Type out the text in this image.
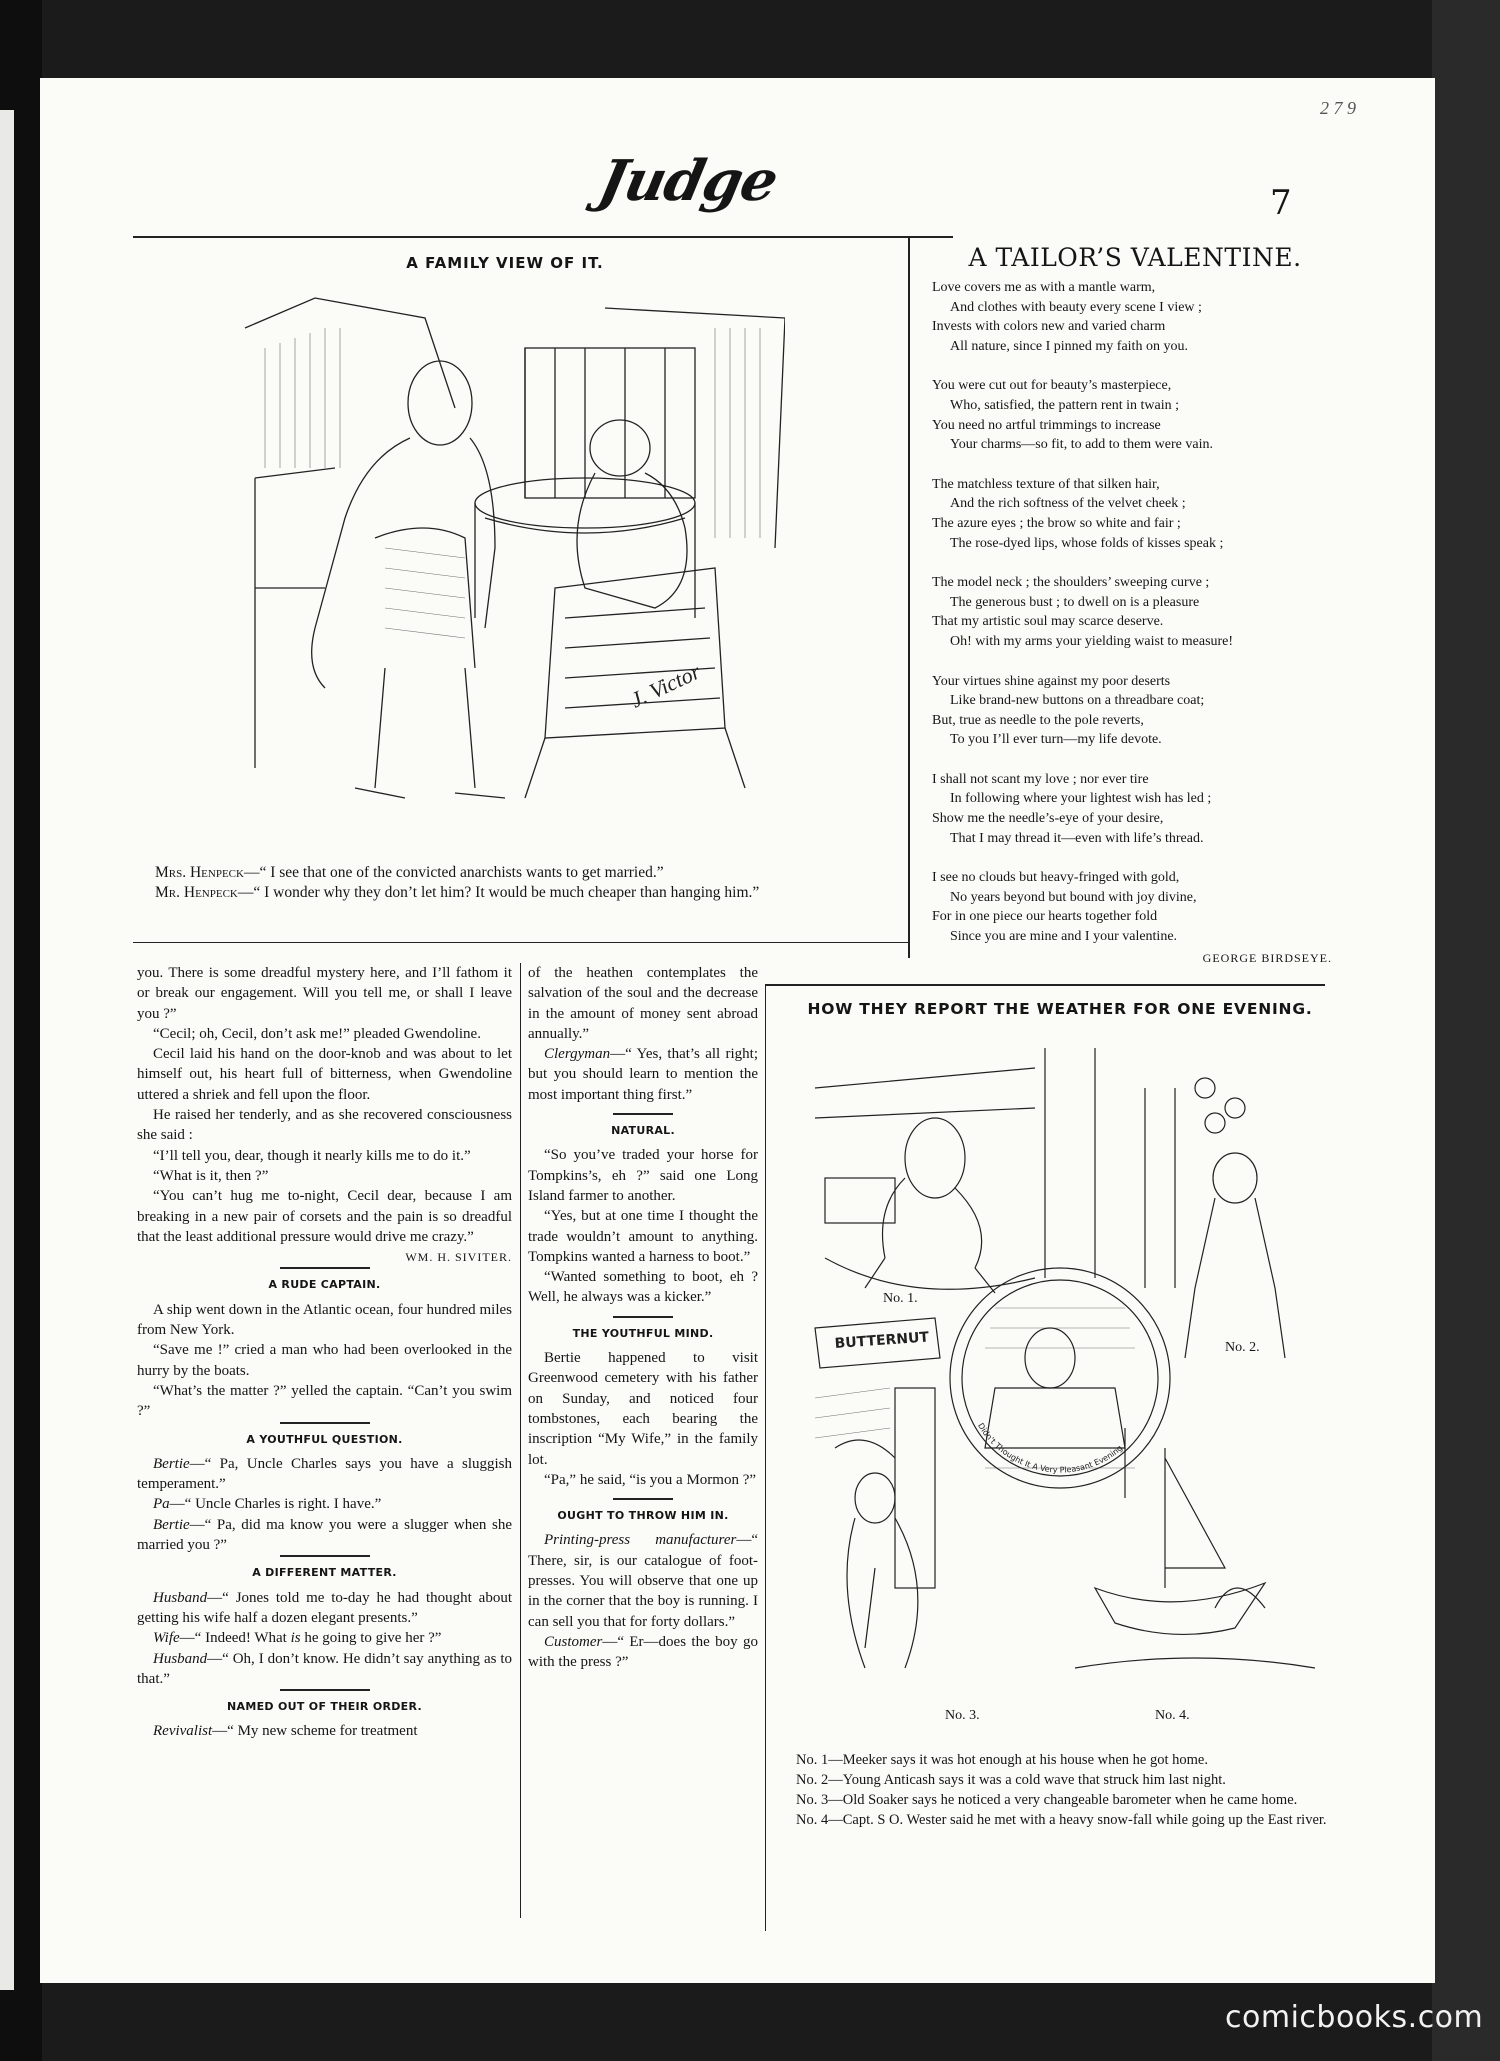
2 7 9
Judge	7
A FAMILY VIEW OF IT.
J. Victor
Mrs. Henpeck—“ I see that one of the convicted anarchists wants to get married.”
Mr. Henpeck—“ I wonder why they don’t let him? It would be much cheaper than hanging him.”
A TAILOR’S VALENTINE.
Love covers me as with a mantle warm,
And clothes with beauty every scene I view ;
Invests with colors new and varied charm
All nature, since I pinned my faith on you.
You were cut out for beauty’s masterpiece,
Who, satisfied, the pattern rent in twain ;
You need no artful trimmings to increase
Your charms—so fit, to add to them were vain.
The matchless texture of that silken hair,
And the rich softness of the velvet cheek ;
The azure eyes ; the brow so white and fair ;
The rose-dyed lips, whose folds of kisses speak ;
The model neck ; the shoulders’ sweeping curve ;
The generous bust ; to dwell on is a pleasure
That my artistic soul may scarce deserve.
Oh! with my arms your yielding waist to measure!
Your virtues shine against my poor deserts
Like brand-new buttons on a threadbare coat;
But, true as needle to the pole reverts,
To you I’ll ever turn—my life devote.
I shall not scant my love ; nor ever tire
In following where your lightest wish has led ;
Show me the needle’s-eye of your desire,
That I may thread it—even with life’s thread.
I see no clouds but heavy-fringed with gold,
No years beyond but bound with joy divine,
For in one piece our hearts together fold
Since you are mine and I your valentine.
GEORGE BIRDSEYE.

you. There is some dreadful mystery here, and I’ll fathom it or break our engagement. Will you tell me, or shall I leave you ?”

“Cecil; oh, Cecil, don’t ask me!” pleaded Gwendoline.

Cecil laid his hand on the door-knob and was about to let himself out, his heart full of bitterness, when Gwendoline uttered a shriek and fell upon the floor.

He raised her tenderly, and as she recovered consciousness she said :

“I’ll tell you, dear, though it nearly kills me to do it.”

“What is it, then ?”

“You can’t hug me to-night, Cecil dear, because I am breaking in a new pair of corsets and the pain is so dreadful that the least additional pressure would drive me crazy.”

WM. H. SIVITER.

A RUDE CAPTAIN.

A ship went down in the Atlantic ocean, four hundred miles from New York.

“Save me !” cried a man who had been overlooked in the hurry by the boats.

“What’s the matter ?” yelled the captain. “Can’t you swim ?”

A YOUTHFUL QUESTION.

Bertie—“ Pa, Uncle Charles says you have a sluggish temperament.”

Pa—“ Uncle Charles is right. I have.”

Bertie—“ Pa, did ma know you were a slugger when she married you ?”

A DIFFERENT MATTER.

Husband—“ Jones told me to-day he had thought about getting his wife half a dozen elegant presents.”

Wife—“ Indeed! What is he going to give her ?”

Husband—“ Oh, I don’t know. He didn’t say anything as to that.”

NAMED OUT OF THEIR ORDER.

Revivalist—“ My new scheme for treatment

of the heathen contemplates the salvation of the soul and the decrease in the amount of money sent abroad annually.”

Clergyman—“ Yes, that’s all right; but you should learn to mention the most important thing first.”

NATURAL.

“So you’ve traded your horse for Tompkins’s, eh ?” said one Long Island farmer to another.

“Yes, but at one time I thought the trade wouldn’t amount to anything. Tompkins wanted a harness to boot.”

“Wanted something to boot, eh ? Well, he always was a kicker.”

THE YOUTHFUL MIND.

Bertie happened to visit Greenwood cemetery with his father on Sunday, and noticed four tombstones, each bearing the inscription “My Wife,” in the family lot.

“Pa,” he said, “is you a Mormon ?”

OUGHT TO THROW HIM IN.

Printing-press manufacturer—“ There, sir, is our catalogue of foot-presses. You will observe that one up in the corner that the boy is running. I can sell you that for forty dollars.”

Customer—“ Er—does the boy go with the press ?”

HOW THEY REPORT THE WEATHER FOR ONE EVENING.
BUTTERNUT
Didn’t Thought It A Very Pleasant Evening
No. 1.
No. 2.
No. 3.	No. 4.
No. 1—Meeker says it was hot enough at his house when he got home.
No. 2—Young Anticash says it was a cold wave that struck him last night.
No. 3—Old Soaker says he noticed a very changeable barometer when he came home.
No. 4—Capt. S O. Wester said he met with a heavy snow-fall while going up the East river.
comicbooks.com
